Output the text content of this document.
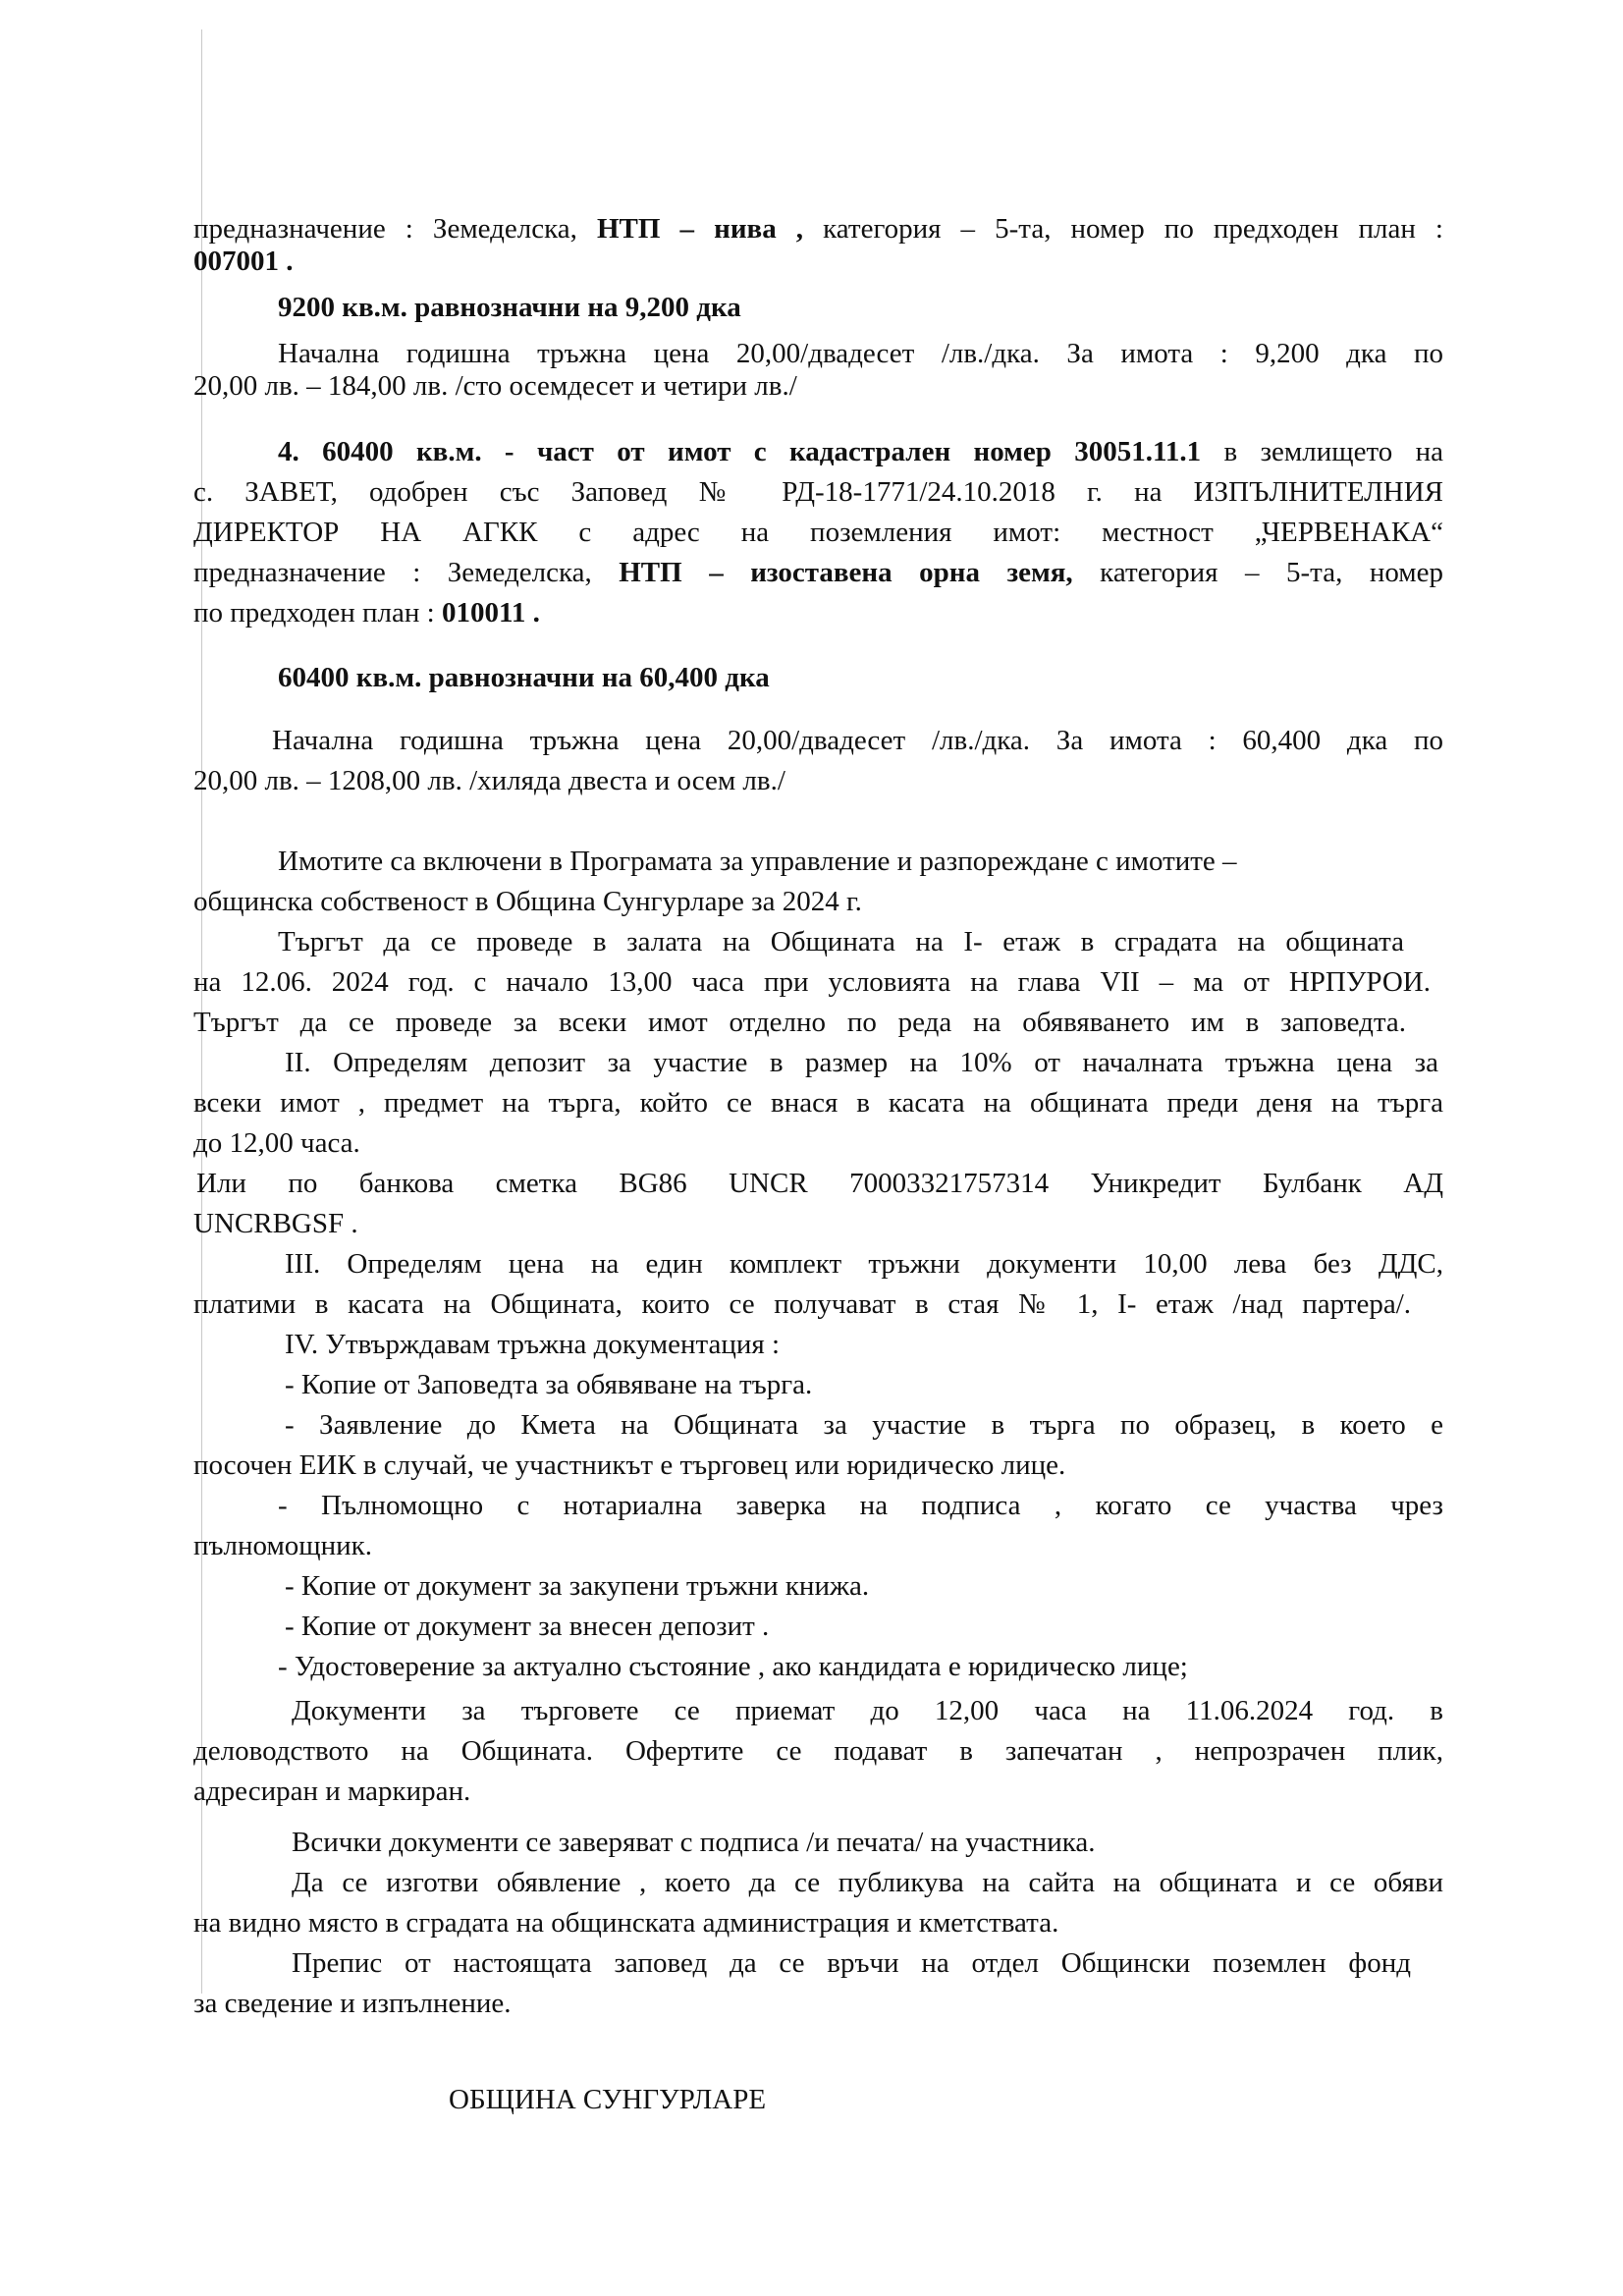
предназначение : Земеделска, НТП – нива , категория – 5-та, номер по предходен план :
007001 .
9200 кв.м. равнозначни на 9,200 дка
Начална годишна тръжна цена 20,00/двадесет /лв./дка. За имота : 9,200 дка по
20,00 лв. – 184,00 лв. /сто осемдесет и четири лв./
4. 60400 кв.м. - част от имот с кадастрален номер 30051.11.1 в землището на
с. ЗАВЕТ, одобрен със Заповед № РД-18-1771/24.10.2018 г. на ИЗПЪЛНИТЕЛНИЯ
ДИРЕКТОР НА АГКК с адрес на поземления имот: местност „ЧЕРВЕНАКА“
предназначение : Земеделска, НТП – изоставена орна земя, категория – 5-та, номер
по предходен план : 010011 .
60400 кв.м. равнозначни на 60,400 дка
Начална годишна тръжна цена 20,00/двадесет /лв./дка. За имота : 60,400 дка по
20,00 лв. – 1208,00 лв. /хиляда двеста и осем лв./
Имотите са включени в Програмата за управление и разпореждане с имотите –
общинска собственост в Община Сунгурларе за 2024 г.
Търгът да се проведе в залата на Общината на I- етаж в сградата на общината
на 12.06. 2024 год. с начало 13,00 часа при условията на глава VII – ма от НРПУРОИ.
Търгът да се проведе за всеки имот отделно по реда на обявяването им в заповедта.
II. Определям депозит за участие в размер на 10% от началната тръжна цена за
всеки имот , предмет на търга, който се внася в касата на общината преди деня на търга
до 12,00 часа.
Или по банкова сметка BG86 UNCR 70003321757314 Уникредит Булбанк АД
UNCRBGSF .
III. Определям цена на един комплект тръжни документи 10,00 лева без ДДС,
платими в касата на Общината, които се получават в стая № 1, I- етаж /над партера/.
IV. Утвърждавам тръжна документация :
- Копие от Заповедта за обявяване на търга.
- Заявление до Кмета на Общината за участие в търга по образец, в което е
посочен ЕИК в случай, че участникът е търговец или юридическо лице.
- Пълномощно с нотариална заверка на подписа , когато се участва чрез
пълномощник.
- Копие от документ за закупени тръжни книжа.
- Копие от документ за внесен депозит .
- Удостоверение за актуално състояние , ако кандидата е юридическо лице;
Документи за търговете се приемат до 12,00 часа на 11.06.2024 год. в
деловодството на Общината. Офертите се подават в запечатан , непрозрачен плик,
адресиран и маркиран.
Всички документи се заверяват с подписа /и печата/ на участника.
Да се изготви обявление , което да се публикува на сайта на общината и се обяви
на видно място в сградата на общинската администрация и кметствата.
Препис от настоящата заповед да се връчи на отдел Общински поземлен фонд
за сведение и изпълнение.
ОБЩИНА СУНГУРЛАРЕ
